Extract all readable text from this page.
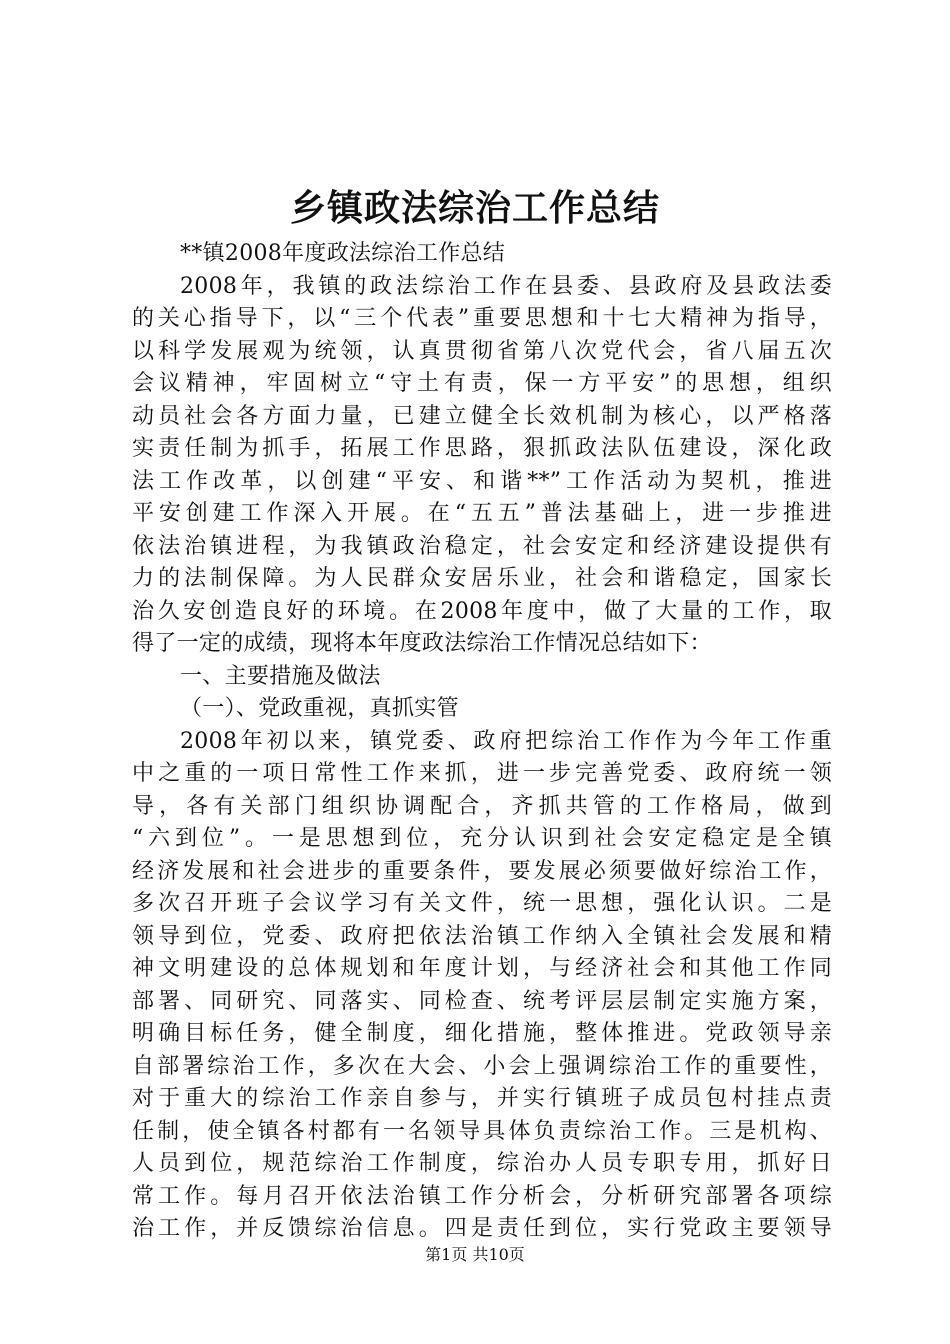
乡镇政法综治工作总结
**镇2008年度政法综治工作总结
2008年，我镇的政法综治工作在县委、县政府及县政法委
的关心指导下，以“三个代表”重要思想和十七大精神为指导，
以科学发展观为统领，认真贯彻省第八次党代会，省八届五次
会议精神，牢固树立“守土有责，保一方平安”的思想，组织
动员社会各方面力量，已建立健全长效机制为核心，以严格落
实责任制为抓手，拓展工作思路，狠抓政法队伍建设，深化政
法工作改革，以创建“平安、和谐**”工作活动为契机，推进
平安创建工作深入开展。在“五五”普法基础上，进一步推进
依法治镇进程，为我镇政治稳定，社会安定和经济建设提供有
力的法制保障。为人民群众安居乐业，社会和谐稳定，国家长
治久安创造良好的环境。在2008年度中，做了大量的工作，取
得了一定的成绩，现将本年度政法综治工作情况总结如下：
一、主要措施及做法
（一）、党政重视，真抓实管
2008年初以来，镇党委、政府把综治工作作为今年工作重
中之重的一项日常性工作来抓，进一步完善党委、政府统一领
导，各有关部门组织协调配合，齐抓共管的工作格局，做到
“六到位”。一是思想到位，充分认识到社会安定稳定是全镇
经济发展和社会进步的重要条件，要发展必须要做好综治工作，
多次召开班子会议学习有关文件，统一思想，强化认识。二是
领导到位，党委、政府把依法治镇工作纳入全镇社会发展和精
神文明建设的总体规划和年度计划，与经济社会和其他工作同
部署、同研究、同落实、同检查、统考评层层制定实施方案，
明确目标任务，健全制度，细化措施，整体推进。党政领导亲
自部署综治工作，多次在大会、小会上强调综治工作的重要性，
对于重大的综治工作亲自参与，并实行镇班子成员包村挂点责
任制，使全镇各村都有一名领导具体负责综治工作。三是机构、
人员到位，规范综治工作制度，综治办人员专职专用，抓好日
常工作。每月召开依法治镇工作分析会，分析研究部署各项综
治工作，并反馈综治信息。四是责任到位，实行党政主要领导
第1页 共10页
